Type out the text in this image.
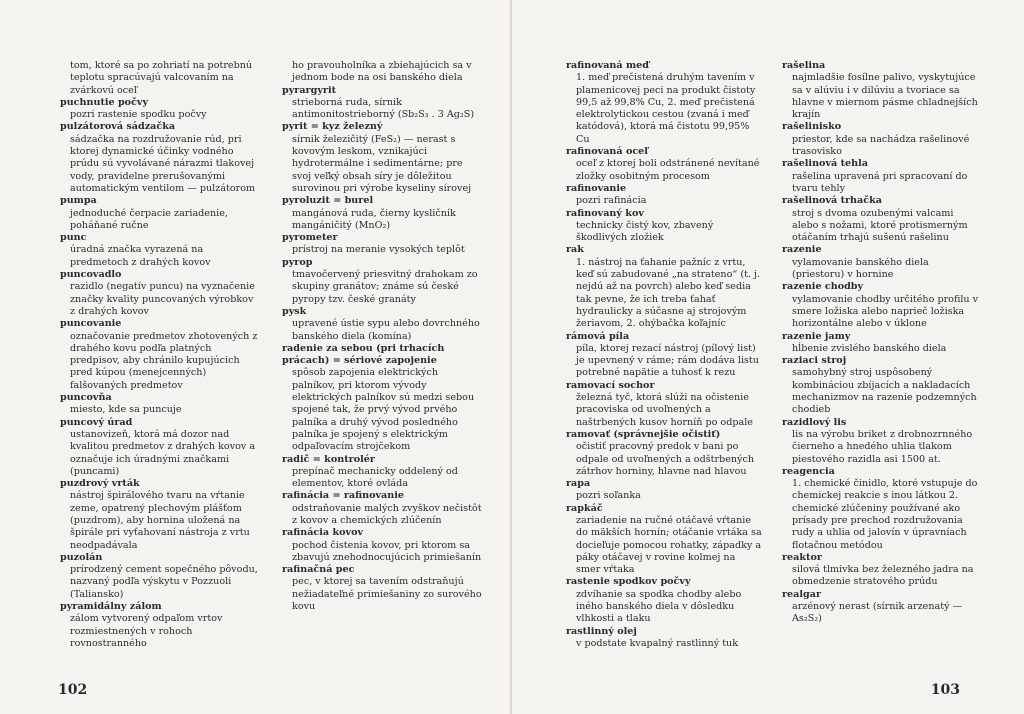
tom, ktoré sa po zohriatí na potrebnú teplotu spracúvajú valcovaním na zvárkovú oceľ
puchnutie počvy
pozri rastenie spodku počvy
pulzátorová sádzačka
sádzačka na rozdružovanie rúd, pri ktorej dynamické účinky vodného prúdu sú vyvolávané nárazmi tlakovej vody, pravidelne prerušovanými automatickým ventilom — pulzátorom
pumpa
jednoduché čerpacie zariadenie, poháňané ručne
punc
úradná značka vyrazená na predmetoch z drahých kovov
puncovadlo
razidlo (negatív puncu) na vyznačenie značky kvality puncovaných výrobkov z drahých kovov
puncovanie
označovanie predmetov zhotovených z drahého kovu podľa platných predpisov, aby chránilo kupujúcich pred kúpou (menejcenných) falšovaných predmetov
puncovňa
miesto, kde sa puncuje
puncový úrad
ustanovizeň, ktorá má dozor nad kvalitou predmetov z drahých kovov a označuje ich úradnými značkami (puncami)
puzdrový vrták
nástroj špirálového tvaru na vŕtanie zeme, opatrený plechovým plášťom (puzdrom), aby hornina uložená na špirále pri vyťahovaní nástroja z vrtu neodpadávala
puzolán
prírodzený cement sopečného pôvodu, nazvaný podľa výskytu v Pozzuoli (Taliansko)
pyramidálny zálom
zálom vytvorený odpaľom vrtov rozmiestnených v rohoch rovnostranného
ho pravouholníka a zbiehajúcich sa v jednom bode na osi banského diela
pyrargyrit
strieborná ruda, sírnik antimonitostrieborný (Sb₂S₃ . 3 Ag₂S)
pyrit = kyz železný
sírnik železičitý (FeS₂) — nerast s kovovým leskom, vznikajúci hydrotermálne i sedimentárne; pre svoj veľký obsah síry je dôležitou surovinou pri výrobe kyseliny sírovej
pyroluzit = burel
mangánová ruda, čierny kysličník mangáničitý (MnO₂)
pyrometer
prístroj na meranie vysokých teplôt
pyrop
tmavočervený priesvitný drahokam zo skupiny granátov; známe sú české pyropy tzv. české granáty
pysk
upravené ústie sypu alebo dovrchného banského diela (komína)
radenie za sebou (pri trhacích prácach) = sériové zapojenie
spôsob zapojenia elektrických palníkov, pri ktorom vývody elektrických palníkov sú medzi sebou spojené tak, že prvý vývod prvého palníka a druhý vývod posledného palníka je spojený s elektrickým odpaľovacím strojčekom
radič = kontrolér
prepínač mechanicky oddelený od elementov, ktoré ovláda
rafinácia = rafinovanie
odstraňovanie malých zvyškov nečistôt z kovov a chemických zlúčenín
rafinácia kovov
pochod čistenia kovov, pri ktorom sa zbavujú znehodnocujúcich primiešanín
rafinačná pec
pec, v ktorej sa tavením odstraňujú nežiadateľné primiešaniny zo surového kovu
102
rafinovaná meď
1. meď prečistená druhým tavením v plamenicovej peci na produkt čistoty 99,5 až 99,8% Cu, 2. meď prečistená elektrolytickou cestou (zvaná i meď katódová), ktorá má čistotu 99,95% Cu
rafinovaná oceľ
oceľ z ktorej boli odstránené nevítané zložky osobitným procesom
rafinovanie
pozri rafinácia
rafinovaný kov
technicky čistý kov, zbavený škodlivých zložiek
rak
1. nástroj na ťahanie pažníc z vrtu, keď sú zabudované „na strateno“ (t. j. nejdú až na povrch) alebo keď sedia tak pevne, že ich treba ťahať hydraulicky a súčasne aj strojovým žeriavom, 2. ohýbačka koľajníc
rámová píla
píla, ktorej rezací nástroj (pílový list) je upevnený v ráme; rám dodáva listu potrebné napätie a tuhosť k rezu
ramovací sochor
železná tyč, ktorá slúži na očistenie pracoviska od uvoľnených a naštrbených kusov horníň po odpale
ramovať (správnejšie očistiť)
očistiť pracovný predok v bani po odpale od uvoľnených a odštrbených zátrhov horniny, hlavne nad hlavou
rapa
pozri soľanka
rapkáč
zariadenie na ručné otáčavé vŕtanie do mäkších hornín; otáčanie vrtáka sa docieľuje pomocou rohatky, západky a páky otáčavej v rovine kolmej na smer vŕtaka
rastenie spodkov počvy
zdvíhanie sa spodka chodby alebo iného banského diela v dôsledku vlhkosti a tlaku
rastlinný olej
v podstate kvapalný rastlinný tuk
rašelina
najmladšie fosílne palivo, vyskytujúce sa v alúviu i v dilúviu a tvoriace sa hlavne v miernom pásme chladnejších krajín
rašelinisko
priestor, kde sa nachádza rašelinové trasovisko
rašelinová tehla
rašelina upravená pri spracovaní do tvaru tehly
rašelinová trhačka
stroj s dvoma ozubenými valcami alebo s nožami, ktoré protismerným otáčaním trhajú sušenú rašelinu
razenie
vylamovanie banského diela (priestoru) v hornine
razenie chodby
vylamovanie chodby určitého profilu v smere ložiska alebo naprieč ložiska horizontálne alebo v úklone
razenie jamy
hĺbenie zvislého banského diela
raziaci stroj
samohybný stroj uspôsobený kombináciou zbíjacích a nakladacích mechanizmov na razenie podzemných chodieb
razidlový lis
lis na výrobu briket z drobnozrnného čierneho a hnedého uhlia tlakom piestového razidla asi 1500 at.
reagencia
1. chemické činidlo, ktoré vstupuje do chemickej reakcie s inou látkou 2. chemické zlúčeniny používané ako prísady pre prechod rozdružovania rudy a uhlia od jalovín v úpravníach flotačnou metódou
reaktor
silová tlmivka bez železného jadra na obmedzenie stratového prúdu
realgar
arzénový nerast (sírnik arzenatý — As₂S₂)
103
